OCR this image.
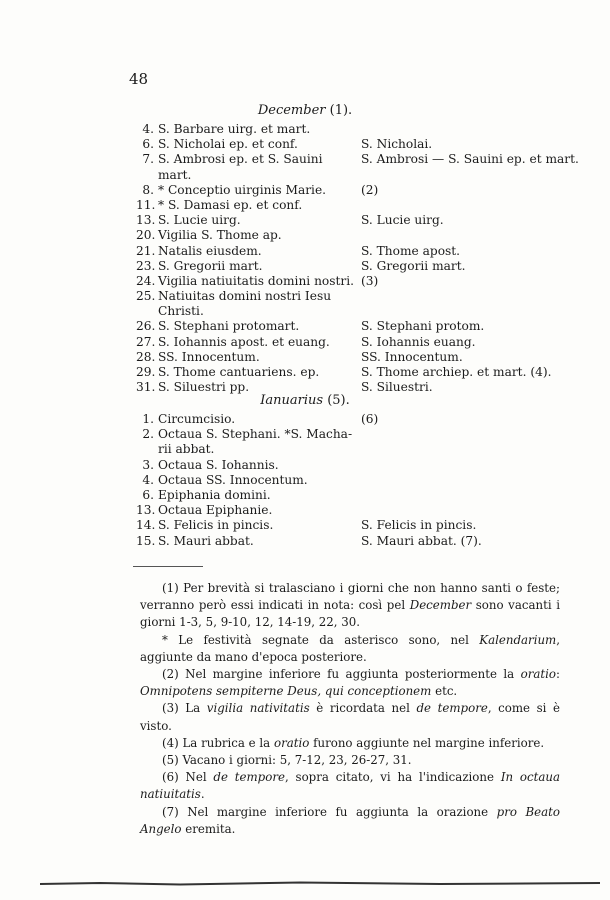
48
December (1).
4. S. Barbare uirg. et mart.
6. S. Nicholai ep. et conf.
7. S. Ambrosi ep. et S. Sauini
mart.
8. * Conceptio uirginis Marie.
11. * S. Damasi ep. et conf.
13. S. Lucie uirg.
20. Vigilia S. Thome ap.
21. Natalis eiusdem.
23. S. Gregorii mart.
24. Vigilia natiuitatis domini nostri.
25. Natiuitas domini nostri Iesu
Christi.
26. S. Stephani protomart.
27. S. Iohannis apost. et euang.
28. SS. Innocentum.
29. S. Thome cantuariens. ep.
31. S. Siluestri pp.
S. Nicholai.
S. Ambrosi — S. Sauini ep. et mart.
(2)
S. Lucie uirg.
S. Thome apost.
S. Gregorii mart.
(3)
S. Stephani protom.
S. Iohannis euang.
SS. Innocentum.
S. Thome archiep. et mart. (4).
S. Siluestri.
Ianuarius (5).
1. Circumcisio.
2. Octaua S. Stephani. *S. Macha-
rii abbat.
3. Octaua S. Iohannis.
4. Octaua SS. Innocentum.
6. Epiphania domini.
13. Octaua Epiphanie.
14. S. Felicis in pincis.
15. S. Mauri abbat.
(6)
S. Felicis in pincis.
S. Mauri abbat. (7).

(1) Per brevità si tralasciano i giorni che non hanno santi o feste; verranno però essi indicati in nota: così pel December sono vacanti i giorni 1-3, 5, 9-10, 12, 14-19, 22, 30.

* Le festività segnate da asterisco sono, nel Kalendarium, aggiunte da mano d'epoca posteriore.

(2) Nel margine inferiore fu aggiunta posteriormente la oratio: Omnipotens sempiterne Deus, qui conceptionem etc.

(3) La vigilia nativitatis è ricordata nel de tempore, come si è visto.

(4) La rubrica e la oratio furono aggiunte nel margine inferiore.

(5) Vacano i giorni: 5, 7-12, 23, 26-27, 31.

(6) Nel de tempore, sopra citato, vi ha l'indicazione In octaua natiuitatis.

(7) Nel margine inferiore fu aggiunta la orazione pro Beato Angelo eremita.
